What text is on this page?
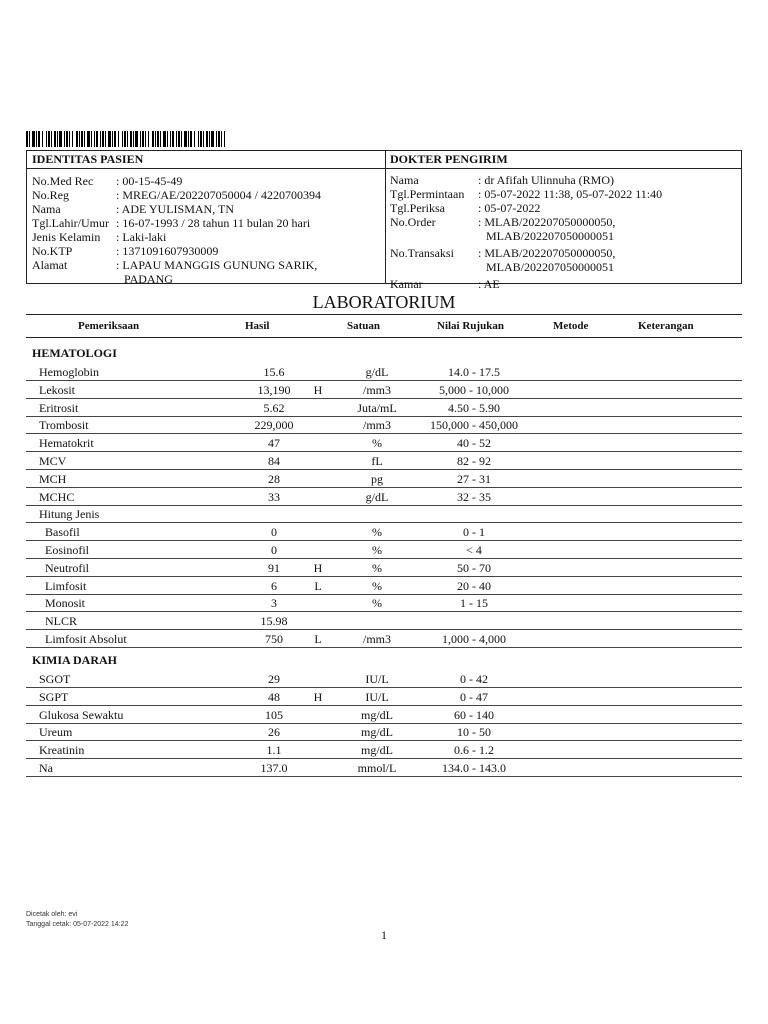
IDENTITAS PASIEN
No.Med Rec : 00-15-45-49
No.Reg	: MREG/AE/202207050004 / 4220700394
Nama	: ADE YULISMAN, TN
Tgl.Lahir/Umur : 16-07-1993 / 28 tahun 11 bulan 20 hari
Jenis Kelamin : Laki-laki
No.KTP	: 1371091607930009
Alamat	: LAPAU MANGGIS GUNUNG SARIK,
PADANG
DOKTER PENGIRIM
Nama	: dr Afifah Ulinnuha (RMO)
Tgl.Permintaan : 05-07-2022 11:38, 05-07-2022 11:40
Tgl.Periksa	: 05-07-2022
No.Order	: MLAB/202207050000050,
MLAB/202207050000051
No.Transaksi : MLAB/202207050000050,
MLAB/202207050000051
Kamar	: AE
LABORATORIUM
Pemeriksaan	Hasil	Satuan	Nilai Rujukan	Metode	Keterangan
HEMATOLOGI
Hemoglobin	15.6	g/dL	14.0 - 17.5
Lekosit	13,190	H	/mm3	5,000 - 10,000
Eritrosit	5.62	Juta/mL	4.50 - 5.90
Trombosit	229,000	/mm3	150,000 - 450,000
Hematokrit	47	%	40 - 52
MCV	84	fL	82 - 92
MCH	28	pg	27 - 31
MCHC	33	g/dL	32 - 35
Hitung Jenis
Basofil	0	%	0 - 1
Eosinofil	0	%	< 4
Neutrofil	91	H	%	50 - 70
Limfosit	6	L	%	20 - 40
Monosit	3	%	1 - 15
NLCR	15.98
Limfosit Absolut	750	L	/mm3	1,000 - 4,000
KIMIA DARAH
SGOT	29	IU/L	0 - 42
SGPT	48	H	IU/L	0 - 47
Glukosa Sewaktu	105	mg/dL	60 - 140
Ureum	26	mg/dL	10 - 50
Kreatinin	1.1	mg/dL	0.6 - 1.2
Na	137.0	mmol/L	134.0 - 143.0
Dicetak oleh: evi
Tanggal cetak: 05-07-2022 14:22
1
